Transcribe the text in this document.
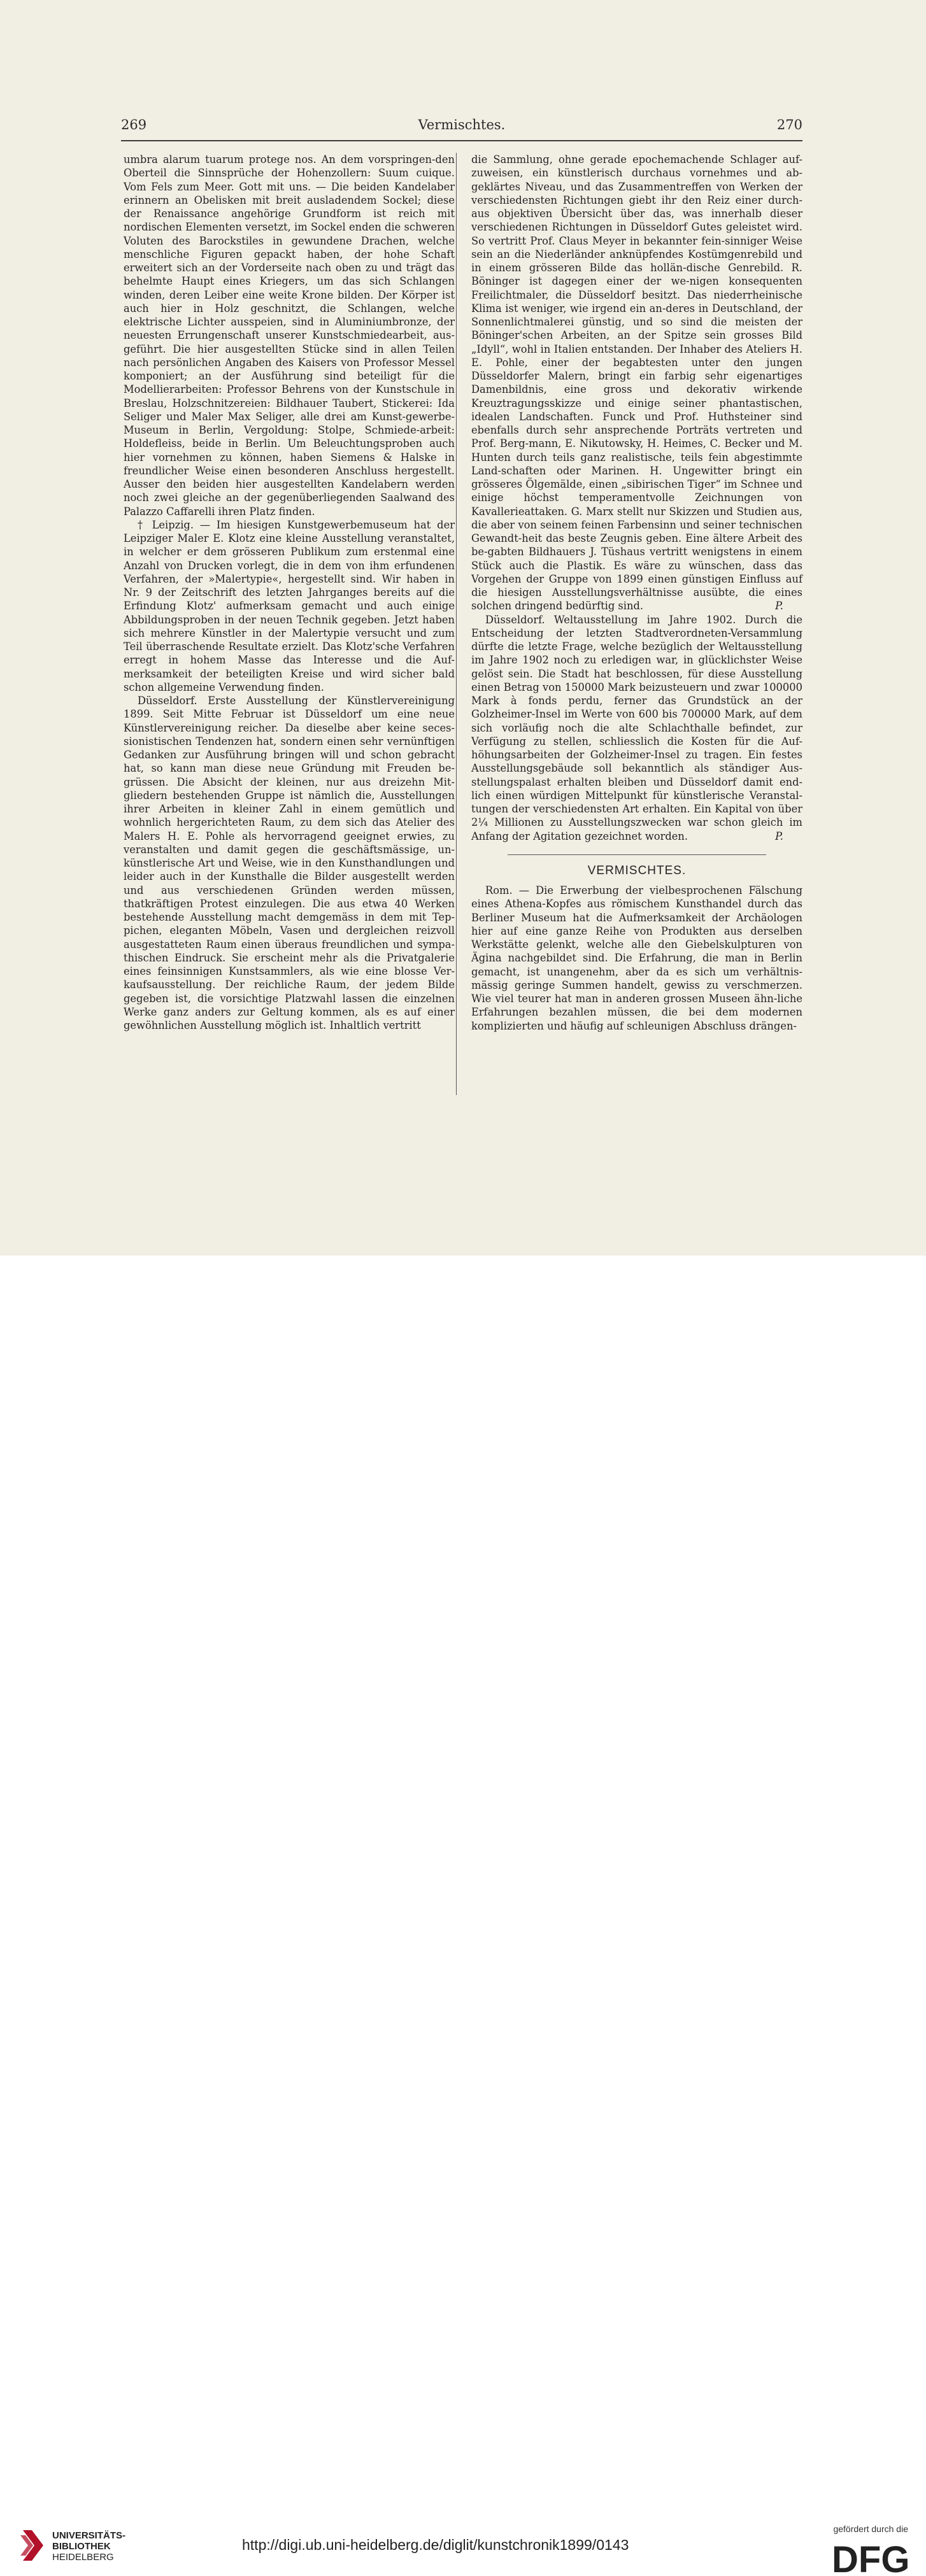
269	Vermischtes.	270

umbra alarum tuarum protege nos. An dem vorspringen-den Oberteil die Sinnsprüche der Hohenzollern: Suum cuique. Vom Fels zum Meer. Gott mit uns. — Die beiden Kandelaber erinnern an Obelisken mit breit ausladendem Sockel; diese der Renaissance angehörige Grundform ist reich mit nordischen Elementen versetzt, im Sockel enden die schweren Voluten des Barockstiles in gewundene Drachen, welche menschliche Figuren gepackt haben, der hohe Schaft erweitert sich an der Vorderseite nach oben zu und trägt das behelmte Haupt eines Kriegers, um das sich Schlangen winden, deren Leiber eine weite Krone bilden. Der Körper ist auch hier in Holz geschnitzt, die Schlangen, welche elektrische Lichter ausspeien, sind in Aluminiumbronze, der neuesten Errungenschaft unserer Kunstschmiedearbeit, aus-geführt. Die hier ausgestellten Stücke sind in allen Teilen nach persönlichen Angaben des Kaisers von Professor Messel komponiert; an der Ausführung sind beteiligt für die Modellierarbeiten: Professor Behrens von der Kunstschule in Breslau, Holzschnitzereien: Bildhauer Taubert, Stickerei: Ida Seliger und Maler Max Seliger, alle drei am Kunst-gewerbe-Museum in Berlin, Vergoldung: Stolpe, Schmiede-arbeit: Holdefleiss, beide in Berlin. Um Beleuchtungsproben auch hier vornehmen zu können, haben Siemens & Halske in freundlicher Weise einen besonderen Anschluss hergestellt. Ausser den beiden hier ausgestellten Kandelabern werden noch zwei gleiche an der gegenüberliegenden Saalwand des Palazzo Caffarelli ihren Platz finden.

† Leipzig. — Im hiesigen Kunstgewerbemuseum hat der Leipziger Maler E. Klotz eine kleine Ausstellung veranstaltet, in welcher er dem grösseren Publikum zum erstenmal eine Anzahl von Drucken vorlegt, die in dem von ihm erfundenen Verfahren, der »Malertypie«, hergestellt sind. Wir haben in Nr. 9 der Zeitschrift des letzten Jahrganges bereits auf die Erfindung Klotz' aufmerksam gemacht und auch einige Abbildungsproben in der neuen Technik gegeben. Jetzt haben sich mehrere Künstler in der Malertypie versucht und zum Teil überraschende Resultate erzielt. Das Klotz'sche Verfahren erregt in hohem Masse das Interesse und die Auf-merksamkeit der beteiligten Kreise und wird sicher bald schon allgemeine Verwendung finden.

Düsseldorf. Erste Ausstellung der Künstlervereinigung 1899. Seit Mitte Februar ist Düsseldorf um eine neue Künstlervereinigung reicher. Da dieselbe aber keine seces-sionistischen Tendenzen hat, sondern einen sehr vernünftigen Gedanken zur Ausführung bringen will und schon gebracht hat, so kann man diese neue Gründung mit Freuden be-grüssen. Die Absicht der kleinen, nur aus dreizehn Mit-gliedern bestehenden Gruppe ist nämlich die, Ausstellungen ihrer Arbeiten in kleiner Zahl in einem gemütlich und wohnlich hergerichteten Raum, zu dem sich das Atelier des Malers H. E. Pohle als hervorragend geeignet erwies, zu veranstalten und damit gegen die geschäftsmässige, un-künstlerische Art und Weise, wie in den Kunsthandlungen und leider auch in der Kunsthalle die Bilder ausgestellt werden und aus verschiedenen Gründen werden müssen, thatkräftigen Protest einzulegen. Die aus etwa 40 Werken bestehende Ausstellung macht demgemäss in dem mit Tep-pichen, eleganten Möbeln, Vasen und dergleichen reizvoll ausgestatteten Raum einen überaus freundlichen und sympa-thischen Eindruck. Sie erscheint mehr als die Privatgalerie eines feinsinnigen Kunstsammlers, als wie eine blosse Ver-kaufsausstellung. Der reichliche Raum, der jedem Bilde gegeben ist, die vorsichtige Platzwahl lassen die einzelnen Werke ganz anders zur Geltung kommen, als es auf einer gewöhnlichen Ausstellung möglich ist. Inhaltlich vertritt

die Sammlung, ohne gerade epochemachende Schlager auf-zuweisen, ein künstlerisch durchaus vornehmes und ab-geklärtes Niveau, und das Zusammentreffen von Werken der verschiedensten Richtungen giebt ihr den Reiz einer durch-aus objektiven Übersicht über das, was innerhalb dieser verschiedenen Richtungen in Düsseldorf Gutes geleistet wird. So vertritt Prof. Claus Meyer in bekannter fein-sinniger Weise sein an die Niederländer anknüpfendes Kostümgenrebild und in einem grösseren Bilde das hollän-dische Genrebild. R. Böninger ist dagegen einer der we-nigen konsequenten Freilichtmaler, die Düsseldorf besitzt. Das niederrheinische Klima ist weniger, wie irgend ein an-deres in Deutschland, der Sonnenlichtmalerei günstig, und so sind die meisten der Böninger'schen Arbeiten, an der Spitze sein grosses Bild „Idyll“, wohl in Italien entstanden. Der Inhaber des Ateliers H. E. Pohle, einer der begabtesten unter den jungen Düsseldorfer Malern, bringt ein farbig sehr eigenartiges Damenbildnis, eine gross und dekorativ wirkende Kreuztragungsskizze und einige seiner phantastischen, idealen Landschaften. Funck und Prof. Huthsteiner sind ebenfalls durch sehr ansprechende Porträts vertreten und Prof. Berg-mann, E. Nikutowsky, H. Heimes, C. Becker und M. Hunten durch teils ganz realistische, teils fein abgestimmte Land-schaften oder Marinen. H. Ungewitter bringt ein grösseres Ölgemälde, einen „sibirischen Tiger“ im Schnee und einige höchst temperamentvolle Zeichnungen von Kavallerieattaken. G. Marx stellt nur Skizzen und Studien aus, die aber von seinem feinen Farbensinn und seiner technischen Gewandt-heit das beste Zeugnis geben. Eine ältere Arbeit des be-gabten Bildhauers J. Tüshaus vertritt wenigstens in einem Stück auch die Plastik. Es wäre zu wünschen, dass das Vorgehen der Gruppe von 1899 einen günstigen Einfluss auf die hiesigen Ausstellungsverhältnisse ausübte, die eines solchen dringend bedürftig sind.	P.

Düsseldorf. Weltausstellung im Jahre 1902. Durch die Entscheidung der letzten Stadtverordneten-Versammlung dürfte die letzte Frage, welche bezüglich der Weltausstellung im Jahre 1902 noch zu erledigen war, in glücklichster Weise gelöst sein. Die Stadt hat beschlossen, für diese Ausstellung einen Betrag von 150000 Mark beizusteuern und zwar 100000 Mark à fonds perdu, ferner das Grundstück an der Golzheimer-Insel im Werte von 600 bis 700000 Mark, auf dem sich vorläufig noch die alte Schlachthalle befindet, zur Verfügung zu stellen, schliesslich die Kosten für die Auf-höhungsarbeiten der Golzheimer-Insel zu tragen. Ein festes Ausstellungsgebäude soll bekanntlich als ständiger Aus-stellungspalast erhalten bleiben und Düsseldorf damit end-lich einen würdigen Mittelpunkt für künstlerische Veranstal-tungen der verschiedensten Art erhalten. Ein Kapital von über 2¼ Millionen zu Ausstellungszwecken war schon gleich im Anfang der Agitation gezeichnet worden.	P.

VERMISCHTES.

Rom. — Die Erwerbung der vielbesprochenen Fälschung eines Athena-Kopfes aus römischem Kunsthandel durch das Berliner Museum hat die Aufmerksamkeit der Archäologen hier auf eine ganze Reihe von Produkten aus derselben Werkstätte gelenkt, welche alle den Giebelskulpturen von Ägina nachgebildet sind. Die Erfahrung, die man in Berlin gemacht, ist unangenehm, aber da es sich um verhältnis-mässig geringe Summen handelt, gewiss zu verschmerzen. Wie viel teurer hat man in anderen grossen Museen ähn-liche Erfahrungen bezahlen müssen, die bei dem modernen komplizierten und häufig auf schleunigen Abschluss drängen-

UNIVERSITÄTS-
BIBLIOTHEK
HEIDELBERG
http://digi.ub.uni-heidelberg.de/diglit/kunstchronik1899/0143
gefördert durch die
DFG
